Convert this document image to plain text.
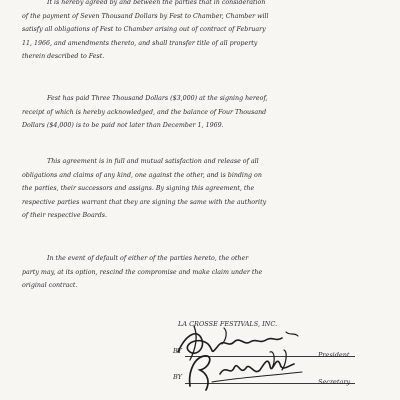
It is hereby agreed by and between the parties that in consideration
of the payment of Seven Thousand Dollars by Fest to Chamber, Chamber will
satisfy all obligations of Fest to Chamber arising out of contract of February
11, 1966, and amendments thereto, and shall transfer title of all property
therein described to Fest.
Fest has paid Three Thousand Dollars ($3,000) at the signing hereof,
receipt of which is hereby acknowledged, and the balance of Four Thousand
Dollars ($4,000) is to be paid not later than December 1, 1969.
This agreement is in full and mutual satisfaction and release of all
obligations and claims of any kind, one against the other, and is binding on
the parties, their successors and assigns. By signing this agreement, the
respective parties warrant that they are signing the same with the authority
of their respective Boards.
In the event of default of either of the parties hereto, the other
party may, at its option, rescind the compromise and make claim under the
original contract.
LA CROSSE FESTIVALS, INC.
BY	President
BY
Secretary
